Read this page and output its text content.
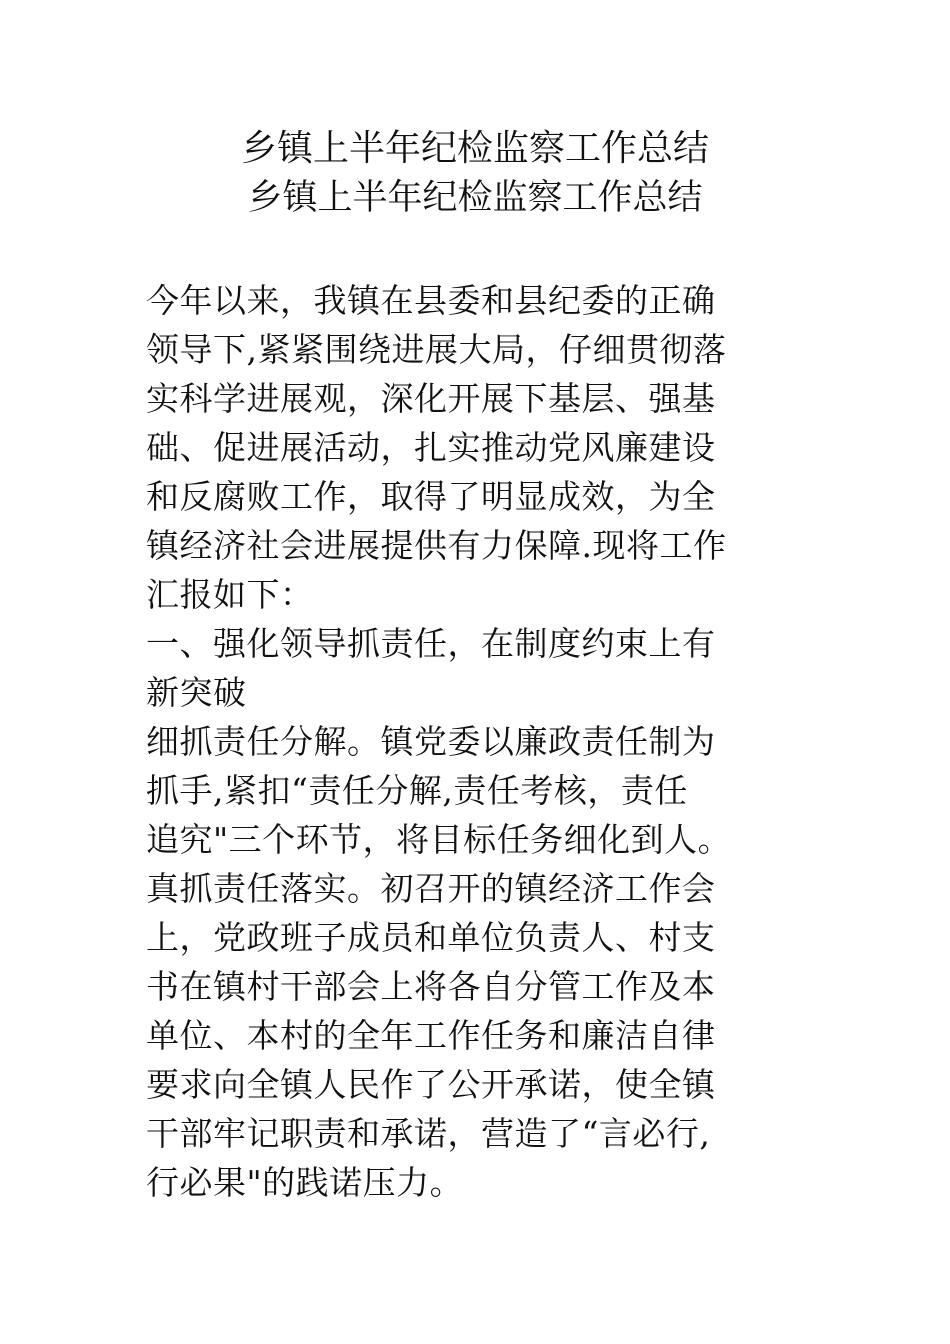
乡镇上半年纪检监察工作总结
乡镇上半年纪检监察工作总结
今年以来，我镇在县委和县纪委的正确
领导下,紧紧围绕进展大局，仔细贯彻落
实科学进展观，深化开展下基层、强基
础、促进展活动，扎实推动党风廉建设
和反腐败工作，取得了明显成效，为全
镇经济社会进展提供有力保障.现将工作
汇报如下：
一、强化领导抓责任，在制度约束上有
新突破
细抓责任分解。镇党委以廉政责任制为
抓手,紧扣“责任分解,责任考核，责任
追究"三个环节，将目标任务细化到人。
真抓责任落实。初召开的镇经济工作会
上，党政班子成员和单位负责人、村支
书在镇村干部会上将各自分管工作及本
单位、本村的全年工作任务和廉洁自律
要求向全镇人民作了公开承诺，使全镇
干部牢记职责和承诺，营造了“言必行,
行必果"的践诺压力。
